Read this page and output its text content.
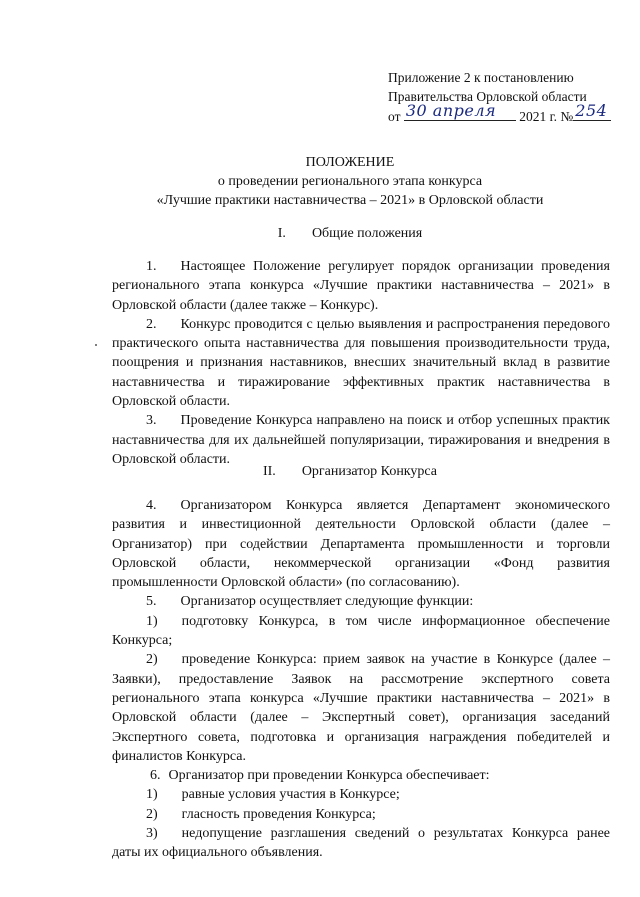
Приложение 2 к постановлению
Правительства Орловской области
от 30 апреля 2021 г. № 254
ПОЛОЖЕНИЕ
о проведении регионального этапа конкурса
«Лучшие практики наставничества – 2021» в Орловской области
I. Общие положения

1. Настоящее Положение регулирует порядок организации проведения регионального этапа конкурса «Лучшие практики наставничества – 2021» в Орловской области (далее также – Конкурс).

2. Конкурс проводится с целью выявления и распространения передового практического опыта наставничества для повышения производительности труда, поощрения и признания наставников, внесших значительный вклад в развитие наставничества и тиражирование эффективных практик наставничества в Орловской области.

3. Проведение Конкурса направлено на поиск и отбор успешных практик наставничества для их дальнейшей популяризации, тиражирования и внедрения в Орловской области.

II. Организатор Конкурса

4. Организатором Конкурса является Департамент экономического развития и инвестиционной деятельности Орловской области (далее – Организатор) при содействии Департамента промышленности и торговли Орловской области, некоммерческой организации «Фонд развития промышленности Орловской области» (по согласованию).

5. Организатор осуществляет следующие функции:

1) подготовку Конкурса, в том числе информационное обеспечение Конкурса;

2) проведение Конкурса: прием заявок на участие в Конкурсе (далее – Заявки), предоставление Заявок на рассмотрение экспертного совета регионального этапа конкурса «Лучшие практики наставничества – 2021» в Орловской области (далее – Экспертный совет), организация заседаний Экспертного совета, подготовка и организация награждения победителей и финалистов Конкурса.

6. Организатор при проведении Конкурса обеспечивает:

1) равные условия участия в Конкурсе;

2) гласность проведения Конкурса;

3) недопущение разглашения сведений о результатах Конкурса ранее даты их официального объявления.
